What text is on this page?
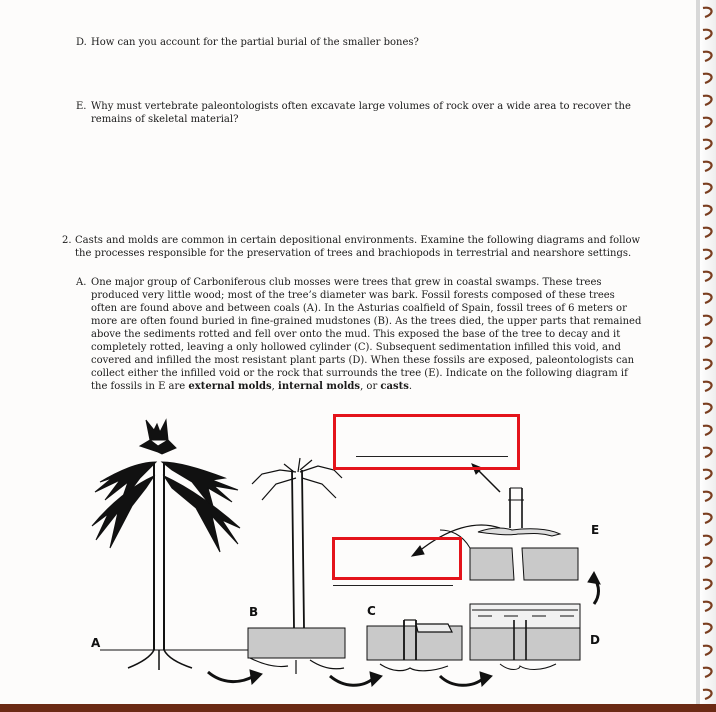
D. How can you account for the partial burial of the smaller bones?
E. Why must vertebrate paleontologists often excavate large volumes of rock over a wide area to recover the remains of skeletal material?
2. Casts and molds are common in certain depositional environments. Examine the following diagrams and follow the processes responsible for the preservation of trees and brachiopods in terrestrial and nearshore settings.
A. One major group of Carboniferous club mosses were trees that grew in coastal swamps. These trees produced very little wood; most of the tree’s diameter was bark. Fossil forests composed of these trees often are found above and between coals (A). In the Asturias coalfield of Spain, fossil trees of 6 meters or more are often found buried in fine-grained mudstones (B). As the trees died, the upper parts that remained above the sediments rotted and fell over onto the mud. This exposed the base of the tree to decay and it completely rotted, leaving a only hollowed cylinder (C). Subsequent sedimentation infilled this void, and covered and infilled the most resistant plant parts (D). When these fossils are exposed, paleontologists can collect either the infilled void or the rock that surrounds the tree (E). Indicate on the following diagram if the fossils in E are external molds, internal molds, or casts.
A
B	C
D
E
